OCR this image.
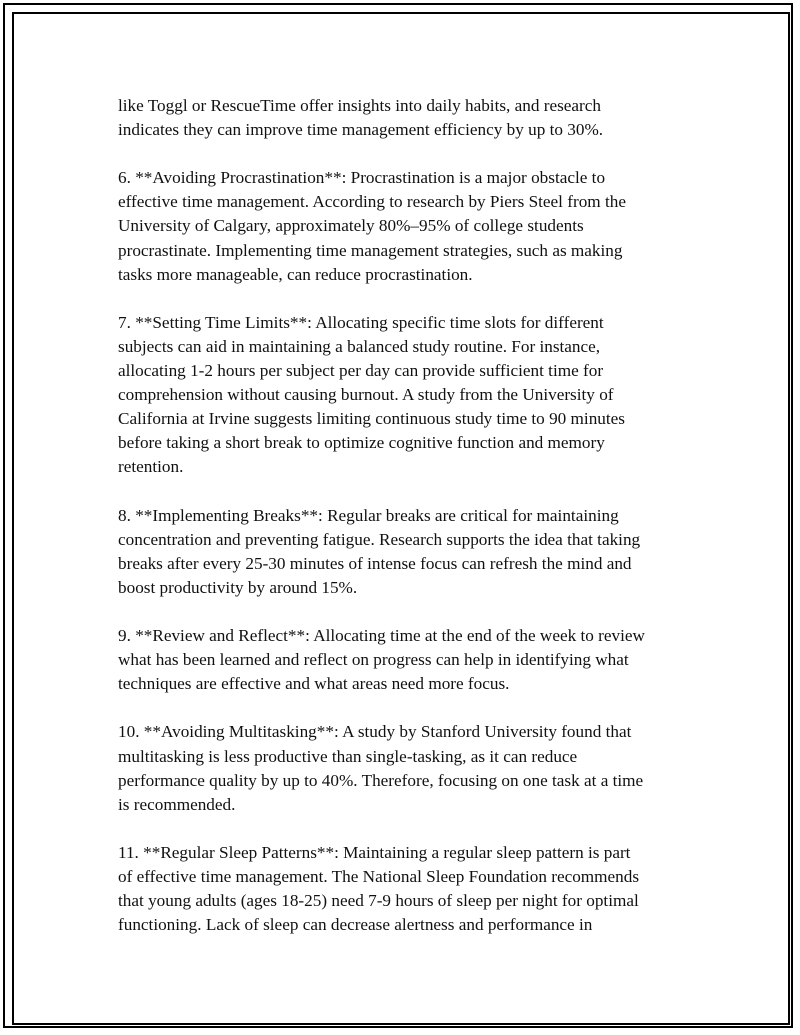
like Toggl or RescueTime offer insights into daily habits, and research
indicates they can improve time management efficiency by up to 30%.

6. **Avoiding Procrastination**: Procrastination is a major obstacle to
effective time management. According to research by Piers Steel from the
University of Calgary, approximately 80%–95% of college students
procrastinate. Implementing time management strategies, such as making
tasks more manageable, can reduce procrastination.

7. **Setting Time Limits**: Allocating specific time slots for different
subjects can aid in maintaining a balanced study routine. For instance,
allocating 1-2 hours per subject per day can provide sufficient time for
comprehension without causing burnout. A study from the University of
California at Irvine suggests limiting continuous study time to 90 minutes
before taking a short break to optimize cognitive function and memory
retention.

8. **Implementing Breaks**: Regular breaks are critical for maintaining
concentration and preventing fatigue. Research supports the idea that taking
breaks after every 25-30 minutes of intense focus can refresh the mind and
boost productivity by around 15%.

9. **Review and Reflect**: Allocating time at the end of the week to review
what has been learned and reflect on progress can help in identifying what
techniques are effective and what areas need more focus.

10. **Avoiding Multitasking**: A study by Stanford University found that
multitasking is less productive than single-tasking, as it can reduce
performance quality by up to 40%. Therefore, focusing on one task at a time
is recommended.

11. **Regular Sleep Patterns**: Maintaining a regular sleep pattern is part
of effective time management. The National Sleep Foundation recommends
that young adults (ages 18-25) need 7-9 hours of sleep per night for optimal
functioning. Lack of sleep can decrease alertness and performance in
